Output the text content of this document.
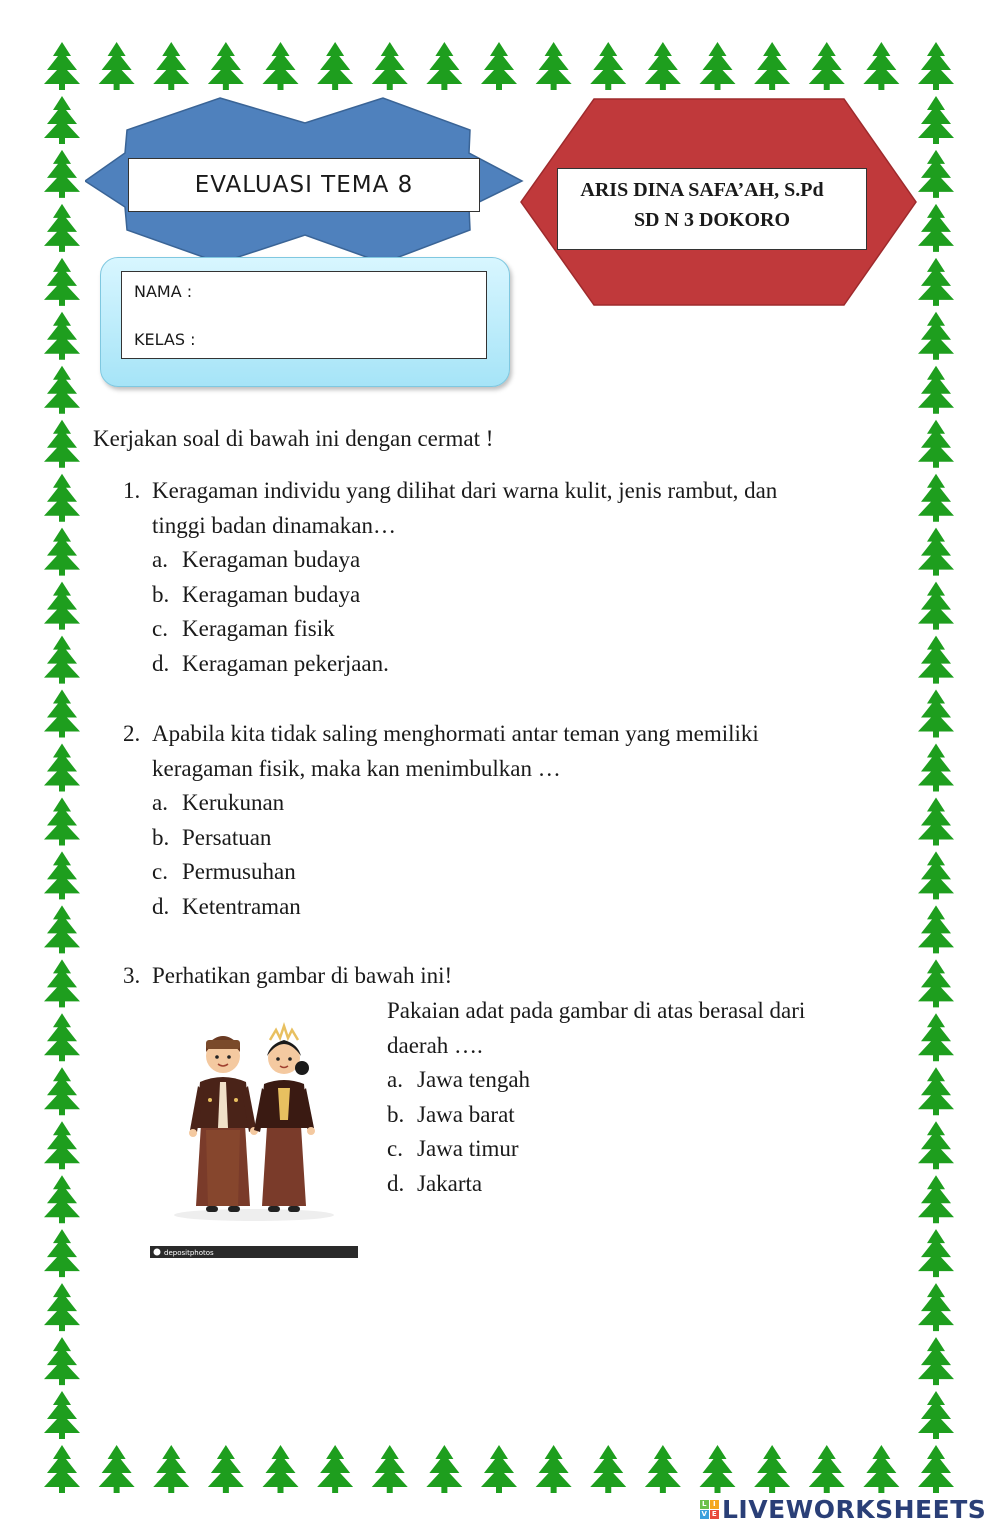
EVALUASI TEMA 8	ARIS DINA SAFA’AH, S.Pd
SD N 3 DOKORO
NAMA :
KELAS :
Kerjakan soal di bawah ini dengan cermat !
1. Keragaman individu yang dilihat dari warna kulit, jenis rambut, dan
tinggi badan dinamakan…
a. Keragaman budaya
b. Keragaman budaya
c. Keragaman fisik
d. Keragaman pekerjaan.
2. Apabila kita tidak saling menghormati antar teman yang memiliki
keragaman fisik, maka kan menimbulkan …
a. Kerukunan
b. Persatuan
c. Permusuhan
d. Ketentraman
3. Perhatikan gambar di bawah ini!
Pakaian adat pada gambar di atas berasal dari
daerah ….
a. Jawa tengah
b. Jawa barat
c. Jawa timur
d. Jakarta
depositphotos
L I
V E LIVEWORKSHEETS
